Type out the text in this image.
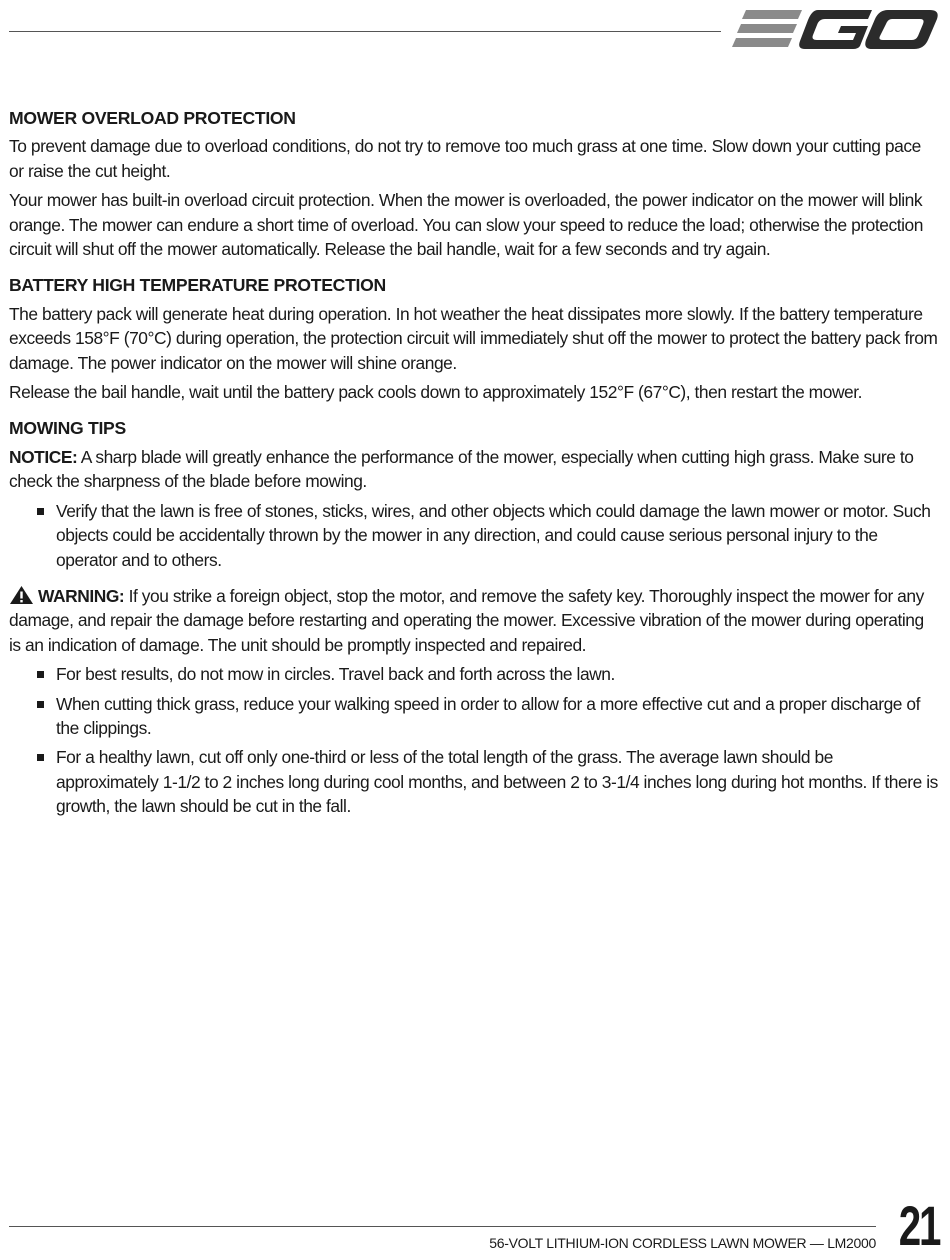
MOWER OVERLOAD PROTECTION

To prevent damage due to overload conditions, do not try to remove too much grass at one time. Slow down your cutting pace or raise the cut height.

Your mower has built-in overload circuit protection. When the mower is overloaded, the power indicator on the mower will blink orange. The mower can endure a short time of overload. You can slow your speed to reduce the load; otherwise the protection circuit will shut off the mower automatically. Release the bail handle, wait for a few seconds and try again.

BATTERY HIGH TEMPERATURE PROTECTION

The battery pack will generate heat during operation. In hot weather the heat dissipates more slowly. If the battery temperature exceeds 158°F (70°C) during operation, the protection circuit will immediately shut off the mower to protect the battery pack from damage. The power indicator on the mower will shine orange.

Release the bail handle, wait until the battery pack cools down to approximately 152°F (67°C), then restart the mower.

MOWING TIPS

NOTICE: A sharp blade will greatly enhance the performance of the mower, especially when cutting high grass. Make sure to check the sharpness of the blade before mowing.

Verify that the lawn is free of stones, sticks, wires, and other objects which could damage the lawn mower or motor. Such objects could be accidentally thrown by the mower in any direction, and could cause serious personal injury to the operator and to others.

WARNING: If you strike a foreign object, stop the motor, and remove the safety key. Thoroughly inspect the mower for any damage, and repair the damage before restarting and operating the mower. Excessive vibration of the mower during operating is an indication of damage. The unit should be promptly inspected and repaired.

For best results, do not mow in circles. Travel back and forth across the lawn.
When cutting thick grass, reduce your walking speed in order to allow for a more effective cut and a proper discharge of the clippings.
For a healthy lawn, cut off only one-third or less of the total length of the grass. The average lawn should be approximately 1-1/2 to 2 inches long during cool months, and between 2 to 3-1/4 inches long during hot months. If there is growth, the lawn should be cut in the fall.
56-VOLT LITHIUM-ION CORDLESS LAWN MOWER — LM2000 21
